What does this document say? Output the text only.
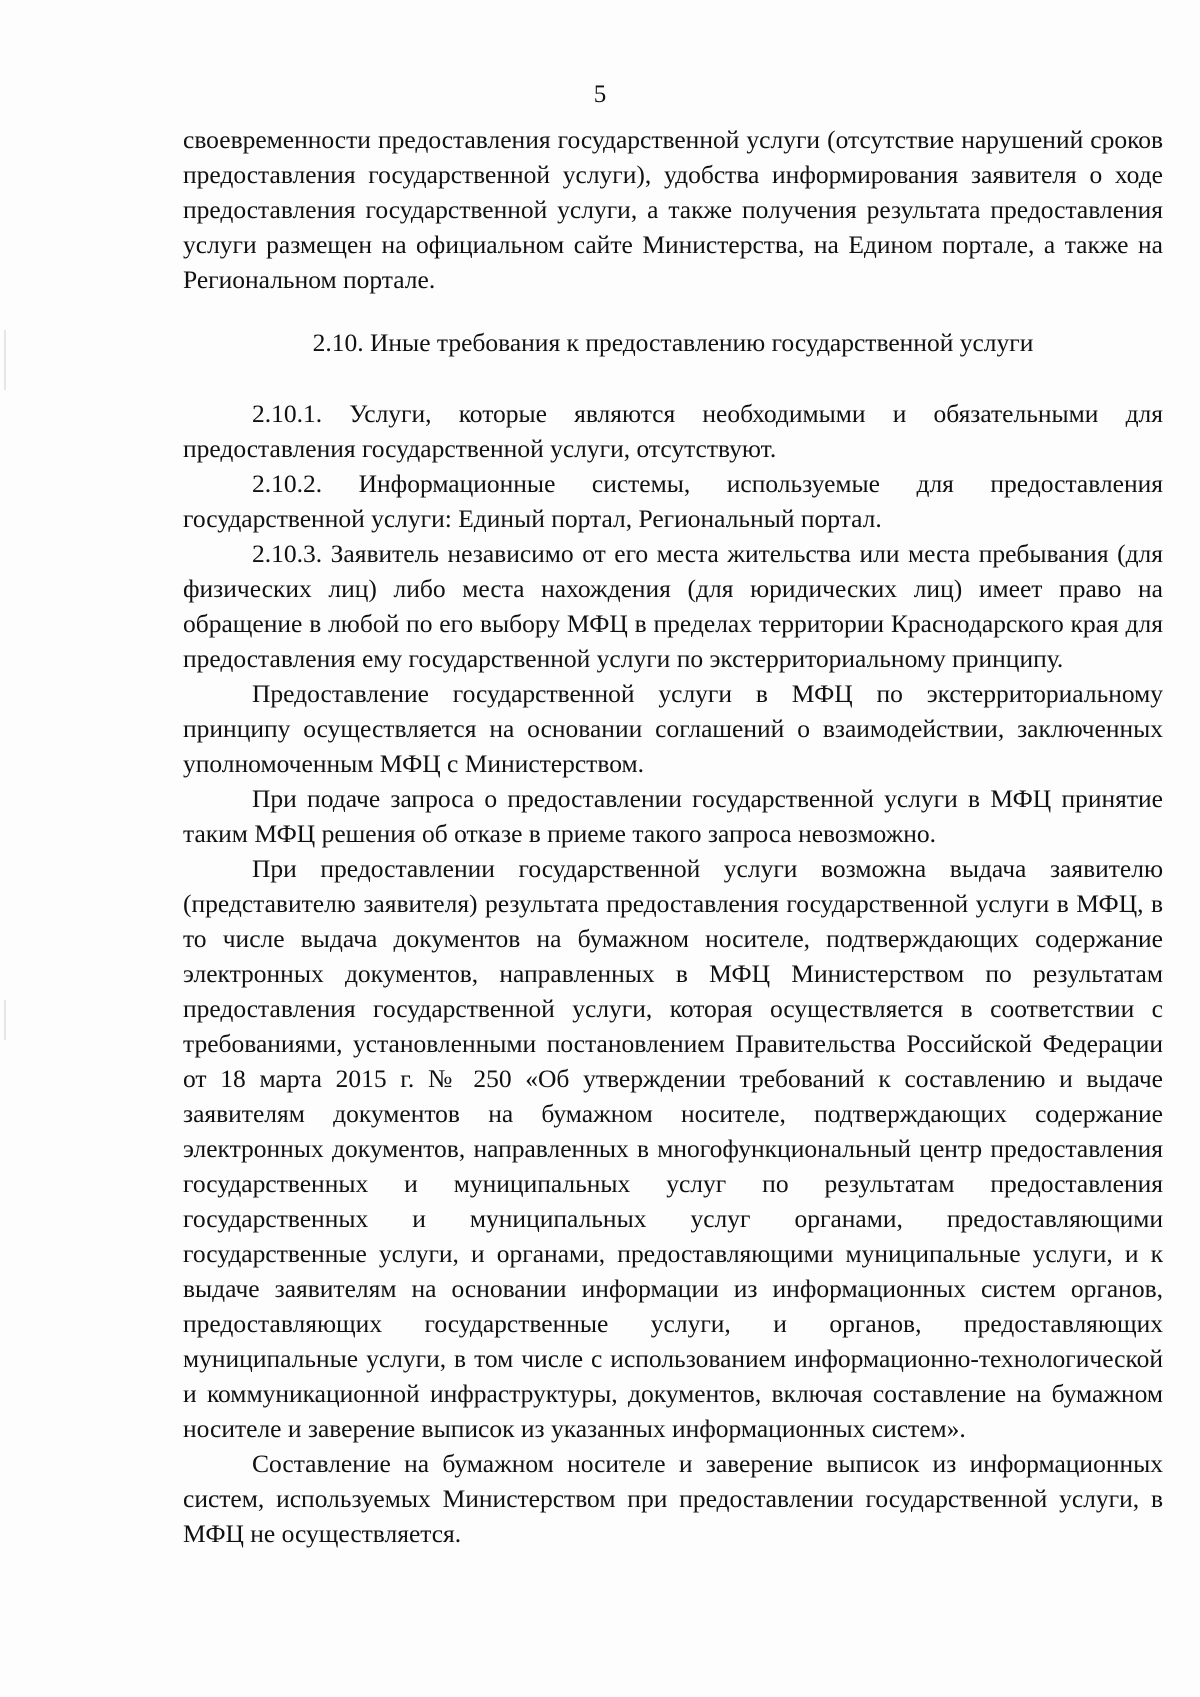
5

своевременности предоставления государственной услуги (отсутствие нарушений сроков предоставления государственной услуги), удобства информирования заявителя о ходе предоставления государственной услуги, а также получения результата предоставления услуги размещен на официальном сайте Министерства, на Едином портале, а также на Региональном портале.

2.10. Иные требования к предоставлению государственной услуги

2.10.1. Услуги, которые являются необходимыми и обязательными для предоставления государственной услуги, отсутствуют.

2.10.2. Информационные системы, используемые для предоставления государственной услуги: Единый портал, Региональный портал.

2.10.3. Заявитель независимо от его места жительства или места пребывания (для физических лиц) либо места нахождения (для юридических лиц) имеет право на обращение в любой по его выбору МФЦ в пределах территории Краснодарского края для предоставления ему государственной услуги по экстерриториальному принципу.

Предоставление государственной услуги в МФЦ по экстерриториальному принципу осуществляется на основании соглашений о взаимодействии, заключенных уполномоченным МФЦ с Министерством.

При подаче запроса о предоставлении государственной услуги в МФЦ принятие таким МФЦ решения об отказе в приеме такого запроса невозможно.

При предоставлении государственной услуги возможна выдача заявителю (представителю заявителя) результата предоставления государственной услуги в МФЦ, в то числе выдача документов на бумажном носителе, подтверждающих содержание электронных документов, направленных в МФЦ Министерством по результатам предоставления государственной услуги, которая осуществляется в соответствии с требованиями, установленными постановлением Правительства Российской Федерации от 18 марта 2015 г. № 250 «Об утверждении требований к составлению и выдаче заявителям документов на бумажном носителе, подтверждающих содержание электронных документов, направленных в многофункциональный центр предоставления государственных и муниципальных услуг по результатам предоставления государственных и муниципальных услуг органами, предоставляющими государственные услуги, и органами, предоставляющими муниципальные услуги, и к выдаче заявителям на основании информации из информационных систем органов, предоставляющих государственные услуги, и органов, предоставляющих муниципальные услуги, в том числе с использованием информационно-технологической и коммуникационной инфраструктуры, документов, включая составление на бумажном носителе и заверение выписок из указанных информационных систем».

Составление на бумажном носителе и заверение выписок из информационных систем, используемых Министерством при предоставлении государственной услуги, в МФЦ не осуществляется.
